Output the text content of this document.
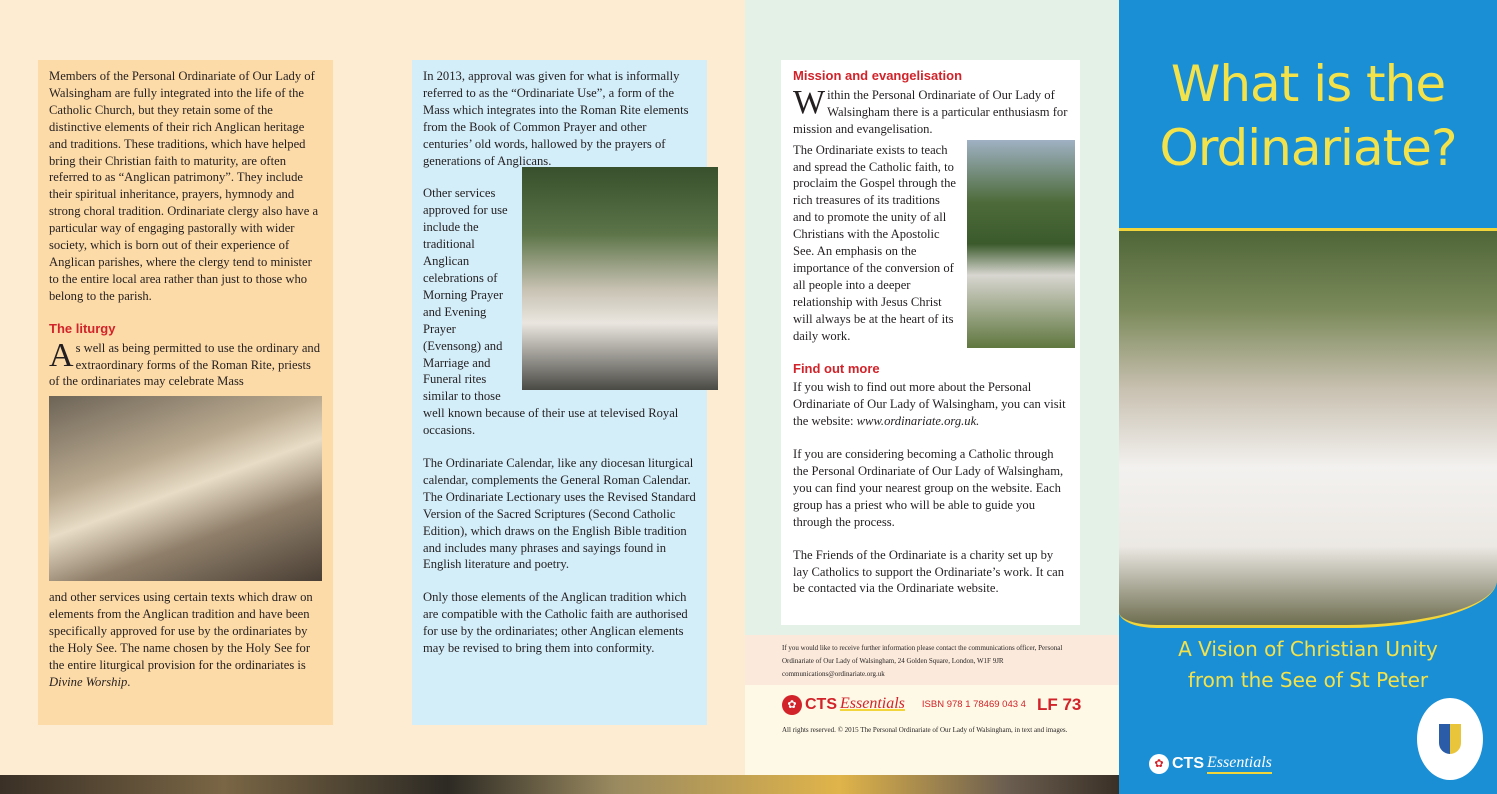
Members of the Personal Ordinariate of Our Lady of Walsingham are fully integrated into the life of the Catholic Church, but they retain some of the distinctive elements of their rich Anglican heritage and traditions. These traditions, which have helped bring their Christian faith to maturity, are often referred to as “Anglican patrimony”. They include their spiritual inheritance, prayers, hymnody and strong choral tradition. Ordinariate clergy also have a particular way of engaging pastorally with wider society, which is born out of their experience of Anglican parishes, where the clergy tend to minister to the entire local area rather than just to those who belong to the parish.

The liturgy
As well as being permitted to use the ordinary and extraordinary forms of the Roman Rite, priests of the ordinariates may celebrate Mass
and other services using certain texts which draw on elements from the Anglican tradition and have been specifically approved for use by the ordinariates by the Holy See. The name chosen by the Holy See for the entire liturgical provision for the ordinariates is Divine Worship.
In 2013, approval was given for what is informally referred to as the “Ordinariate Use”, a form of the Mass which integrates into the Roman Rite elements from the Book of Common Prayer and other centuries’ old words, hallowed by the prayers of generations of Anglicans.

Other services approved for use include the traditional Anglican celebrations of Morning Prayer and Evening Prayer (Evensong) and Marriage and Funeral rites similar to those well known because of their use at televised Royal occasions.

The Ordinariate Calendar, like any diocesan liturgical calendar, complements the General Roman Calendar. The Ordinariate Lectionary uses the Revised Standard Version of the Sacred Scriptures (Second Catholic Edition), which draws on the English Bible tradition and includes many phrases and sayings found in English literature and poetry.

Only those elements of the Anglican tradition which are compatible with the Catholic faith are authorised for use by the ordinariates; other Anglican elements may be revised to bring them into conformity.	If you would like to receive further information please contact the communications officer, Personal Ordinariate of Our Lady of Walsingham, 24 Golden Square, London, W1F 9JR communications@ordinariate.org.uk
✿ CTS Essentials ISBN 978 1 78469 043 4 LF 73
All rights reserved. © 2015 The Personal Ordinariate of Our Lady of Walsingham, in text and images.
Mission and evangelisation
Within the Personal Ordinariate of Our Lady of Walsingham there is a particular enthusiasm for mission and evangelisation.

The Ordinariate exists to teach and spread the Catholic faith, to proclaim the Gospel through the rich treasures of its traditions and to promote the unity of all Christians with the Apostolic See. An emphasis on the importance of the conversion of all people into a deeper relationship with Jesus Christ will always be at the heart of its daily work.

Find out more

If you wish to find out more about the Personal Ordinariate of Our Lady of Walsingham, you can visit the website: www.ordinariate.org.uk.

If you are considering becoming a Catholic through the Personal Ordinariate of Our Lady of Walsingham, you can find your nearest group on the website. Each group has a priest who will be able to guide you through the process.

The Friends of the Ordinariate is a charity set up by lay Catholics to support the Ordinariate’s work. It can be contacted via the Ordinariate website.

What is the Ordinariate?
A Vision of Christian Unity
from the See of St Peter
✿ CTS Essentials
